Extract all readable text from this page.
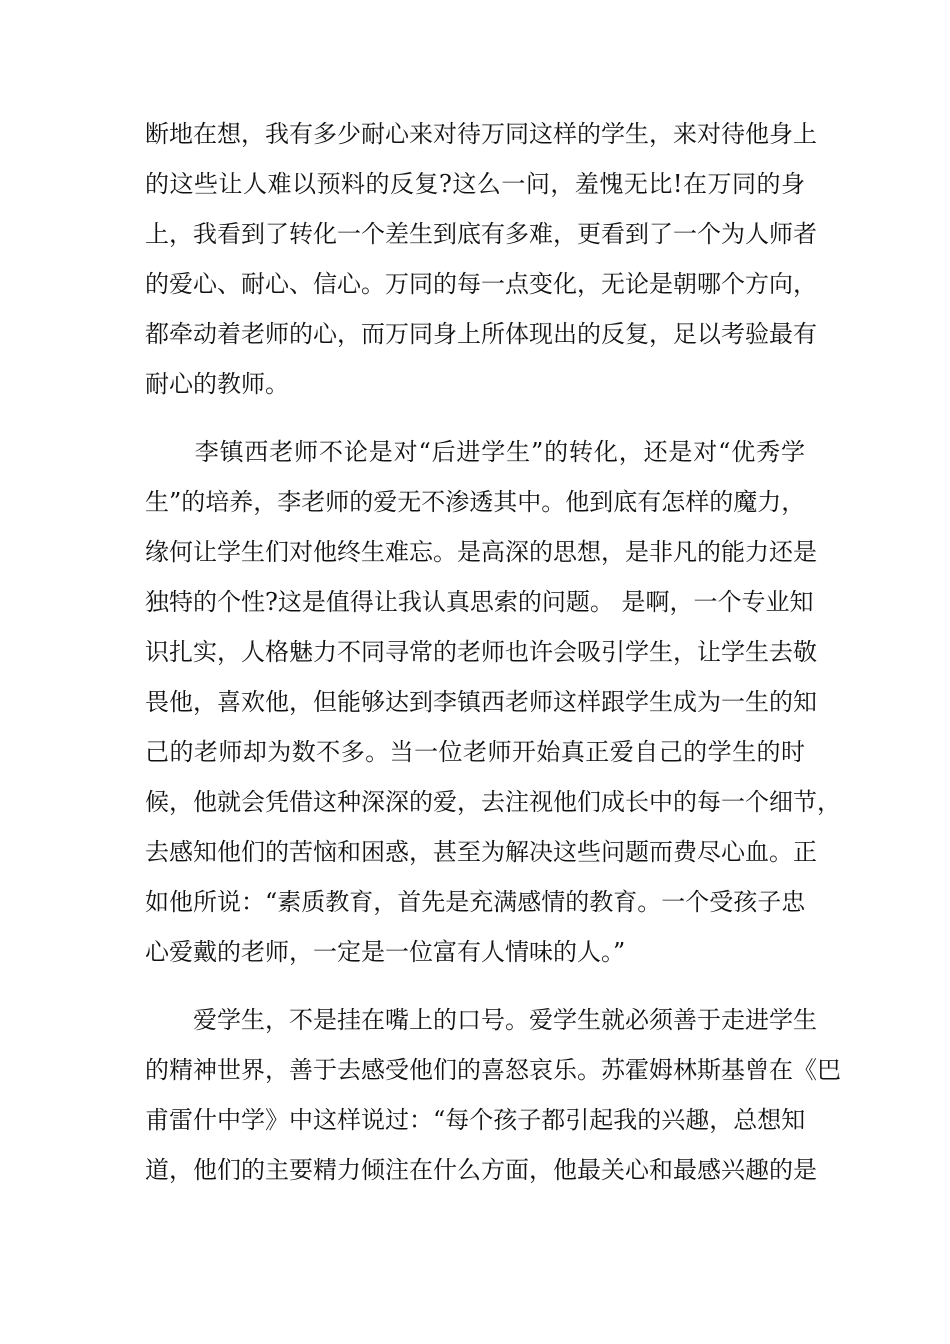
断地在想，我有多少耐心来对待万同这样的学生，来对待他身上
的这些让人难以预料的反复?这么一问，羞愧无比!在万同的身
上，我看到了转化一个差生到底有多难，更看到了一个为人师者
的爱心、耐心、信心。万同的每一点变化，无论是朝哪个方向，
都牵动着老师的心，而万同身上所体现出的反复，足以考验最有
耐心的教师。
　　李镇西老师不论是对“后进学生”的转化，还是对“优秀学
生”的培养，李老师的爱无不渗透其中。他到底有怎样的魔力，
缘何让学生们对他终生难忘。是高深的思想，是非凡的能力还是
独特的个性?这是值得让我认真思索的问题。 是啊，一个专业知
识扎实，人格魅力不同寻常的老师也许会吸引学生，让学生去敬
畏他，喜欢他，但能够达到李镇西老师这样跟学生成为一生的知
己的老师却为数不多。当一位老师开始真正爱自己的学生的时
候，他就会凭借这种深深的爱，去注视他们成长中的每一个细节，
去感知他们的苦恼和困惑，甚至为解决这些问题而费尽心血。正
如他所说：“素质教育，首先是充满感情的教育。一个受孩子忠
心爱戴的老师，一定是一位富有人情味的人。”
　　爱学生，不是挂在嘴上的口号。爱学生就必须善于走进学生
的精神世界，善于去感受他们的喜怒哀乐。苏霍姆林斯基曾在《巴
甫雷什中学》中这样说过：“每个孩子都引起我的兴趣，总想知
道，他们的主要精力倾注在什么方面，他最关心和最感兴趣的是
